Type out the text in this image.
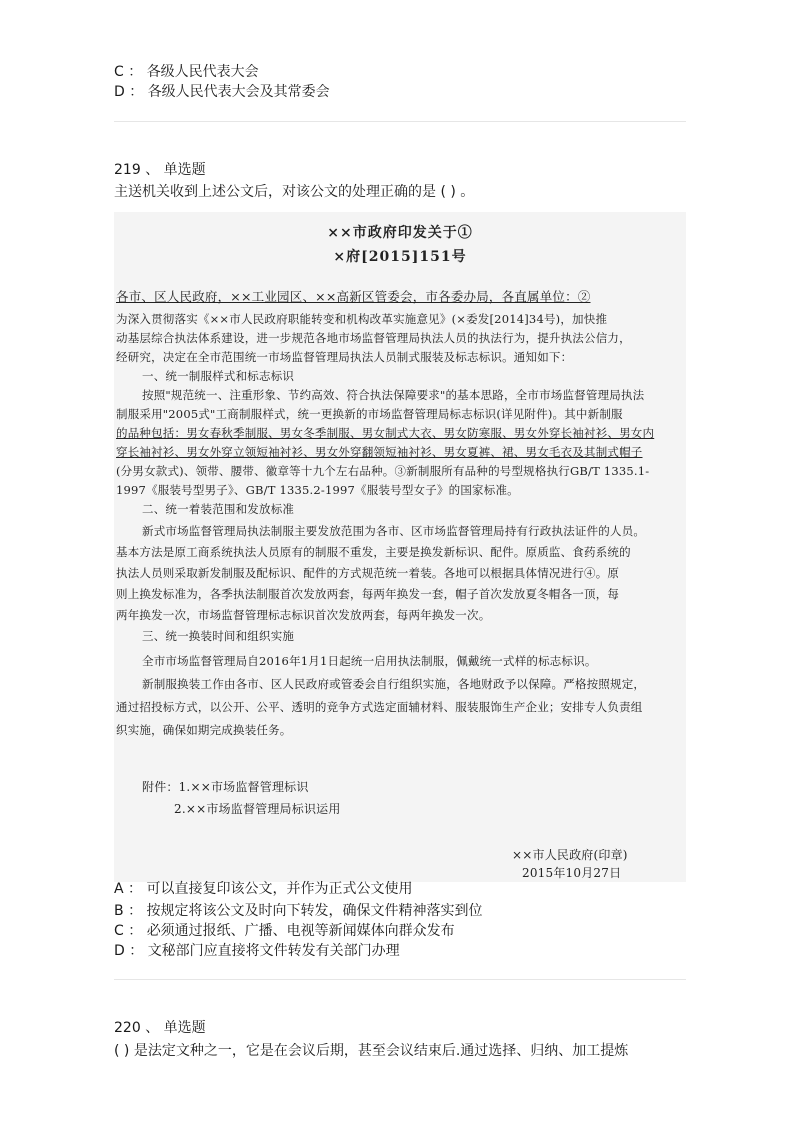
C ： 各级人民代表大会
D ： 各级人民代表大会及其常委会
219 、 单选题
主送机关收到上述公文后，对该公文的处理正确的是 ( ) 。
××市政府印发关于①
×府[2015]151号
各市、区人民政府，××工业园区、××高新区管委会，市各委办局，各直属单位：②
为深入贯彻落实《××市人民政府职能转变和机构改革实施意见》(×委发[2014]34号)，加快推
动基层综合执法体系建设，进一步规范各地市场监督管理局执法人员的执法行为，提升执法公信力，
经研究，决定在全市范围统一市场监督管理局执法人员制式服装及标志标识。通知如下：
一、统一制服样式和标志标识
按照"规范统一、注重形象、节约高效、符合执法保障要求"的基本思路，全市市场监督管理局执法
制服采用"2005式"工商制服样式，统一更换新的市场监督管理局标志标识(详见附件)。其中新制服
的品种包括：男女春秋季制服、男女冬季制服、男女制式大衣、男女防寒服、男女外穿长袖衬衫、男女内
穿长袖衬衫、男女外穿立领短袖衬衫、男女外穿翻领短袖衬衫、男女夏裤、裙、男女毛衣及其制式帽子
(分男女款式)、领带、腰带、徽章等十九个左右品种。③新制服所有品种的号型规格执行GB/T 1335.1-
1997《服装号型男子》、GB/T 1335.2-1997《服装号型女子》的国家标准。
二、统一着装范围和发放标准
新式市场监督管理局执法制服主要发放范围为各市、区市场监督管理局持有行政执法证件的人员。
基本方法是原工商系统执法人员原有的制服不重发，主要是换发新标识、配件。原质监、食药系统的
执法人员则采取新发制服及配标识、配件的方式规范统一着装。各地可以根据具体情况进行④。原
则上换发标准为，各季执法制服首次发放两套，每两年换发一套，帽子首次发放夏冬帽各一顶，每
两年换发一次，市场监督管理标志标识首次发放两套，每两年换发一次。
三、统一换装时间和组织实施
全市市场监督管理局自2016年1月1日起统一启用执法制服，佩戴统一式样的标志标识。
新制服换装工作由各市、区人民政府或管委会自行组织实施，各地财政予以保障。严格按照规定，
通过招投标方式，以公开、公平、透明的竞争方式选定面辅材料、服装服饰生产企业；安排专人负责组
织实施，确保如期完成换装任务。
附件：1.××市场监督管理标识
2.××市场监督管理局标识运用
××市人民政府(印章)
2015年10月27日
A ： 可以直接复印该公文，并作为正式公文使用
B ： 按规定将该公文及时向下转发，确保文件精神落实到位
C ： 必须通过报纸、广播、电视等新闻媒体向群众发布
D ： 文秘部门应直接将文件转发有关部门办理
220 、 单选题
( ) 是法定文种之一，它是在会议后期，甚至会议结束后.通过选择、归纳、加工提炼
